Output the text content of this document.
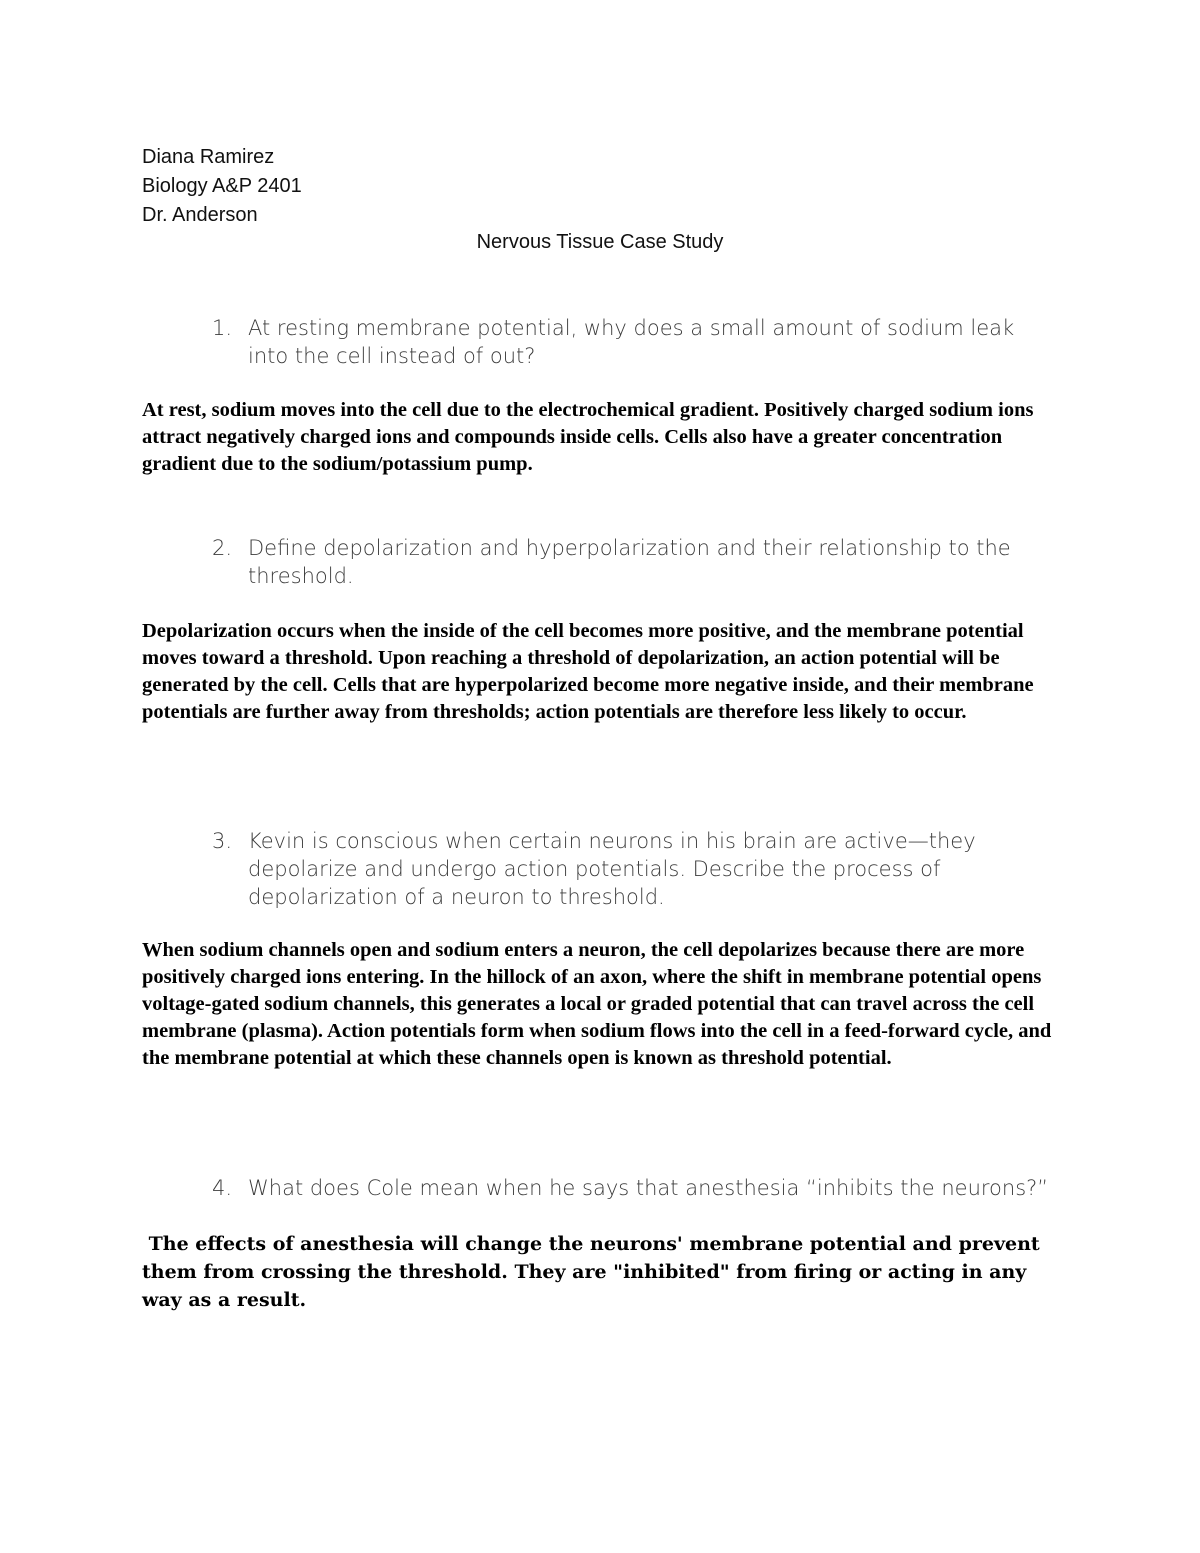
Diana Ramirez
Biology A&P 2401
Dr. Anderson
Nervous Tissue Case Study
1. At resting membrane potential, why does a small amount of sodium leak into the cell instead of out?
At rest, sodium moves into the cell due to the electrochemical gradient. Positively charged sodium ions attract negatively charged ions and compounds inside cells. Cells also have a greater concentration gradient due to the sodium/potassium pump.
2. Define depolarization and hyperpolarization and their relationship to the threshold.
Depolarization occurs when the inside of the cell becomes more positive, and the membrane potential moves toward a threshold. Upon reaching a threshold of depolarization, an action potential will be generated by the cell. Cells that are hyperpolarized become more negative inside, and their membrane potentials are further away from thresholds; action potentials are therefore less likely to occur.
3. Kevin is conscious when certain neurons in his brain are active—they depolarize and undergo action potentials. Describe the process of depolarization of a neuron to threshold.
When sodium channels open and sodium enters a neuron, the cell depolarizes because there are more positively charged ions entering. In the hillock of an axon, where the shift in membrane potential opens voltage-gated sodium channels, this generates a local or graded potential that can travel across the cell membrane (plasma). Action potentials form when sodium flows into the cell in a feed-forward cycle, and the membrane potential at which these channels open is known as threshold potential.
4. What does Cole mean when he says that anesthesia “inhibits the neurons?”
The effects of anesthesia will change the neurons' membrane potential and prevent them from crossing the threshold. They are "inhibited" from firing or acting in any way as a result.
